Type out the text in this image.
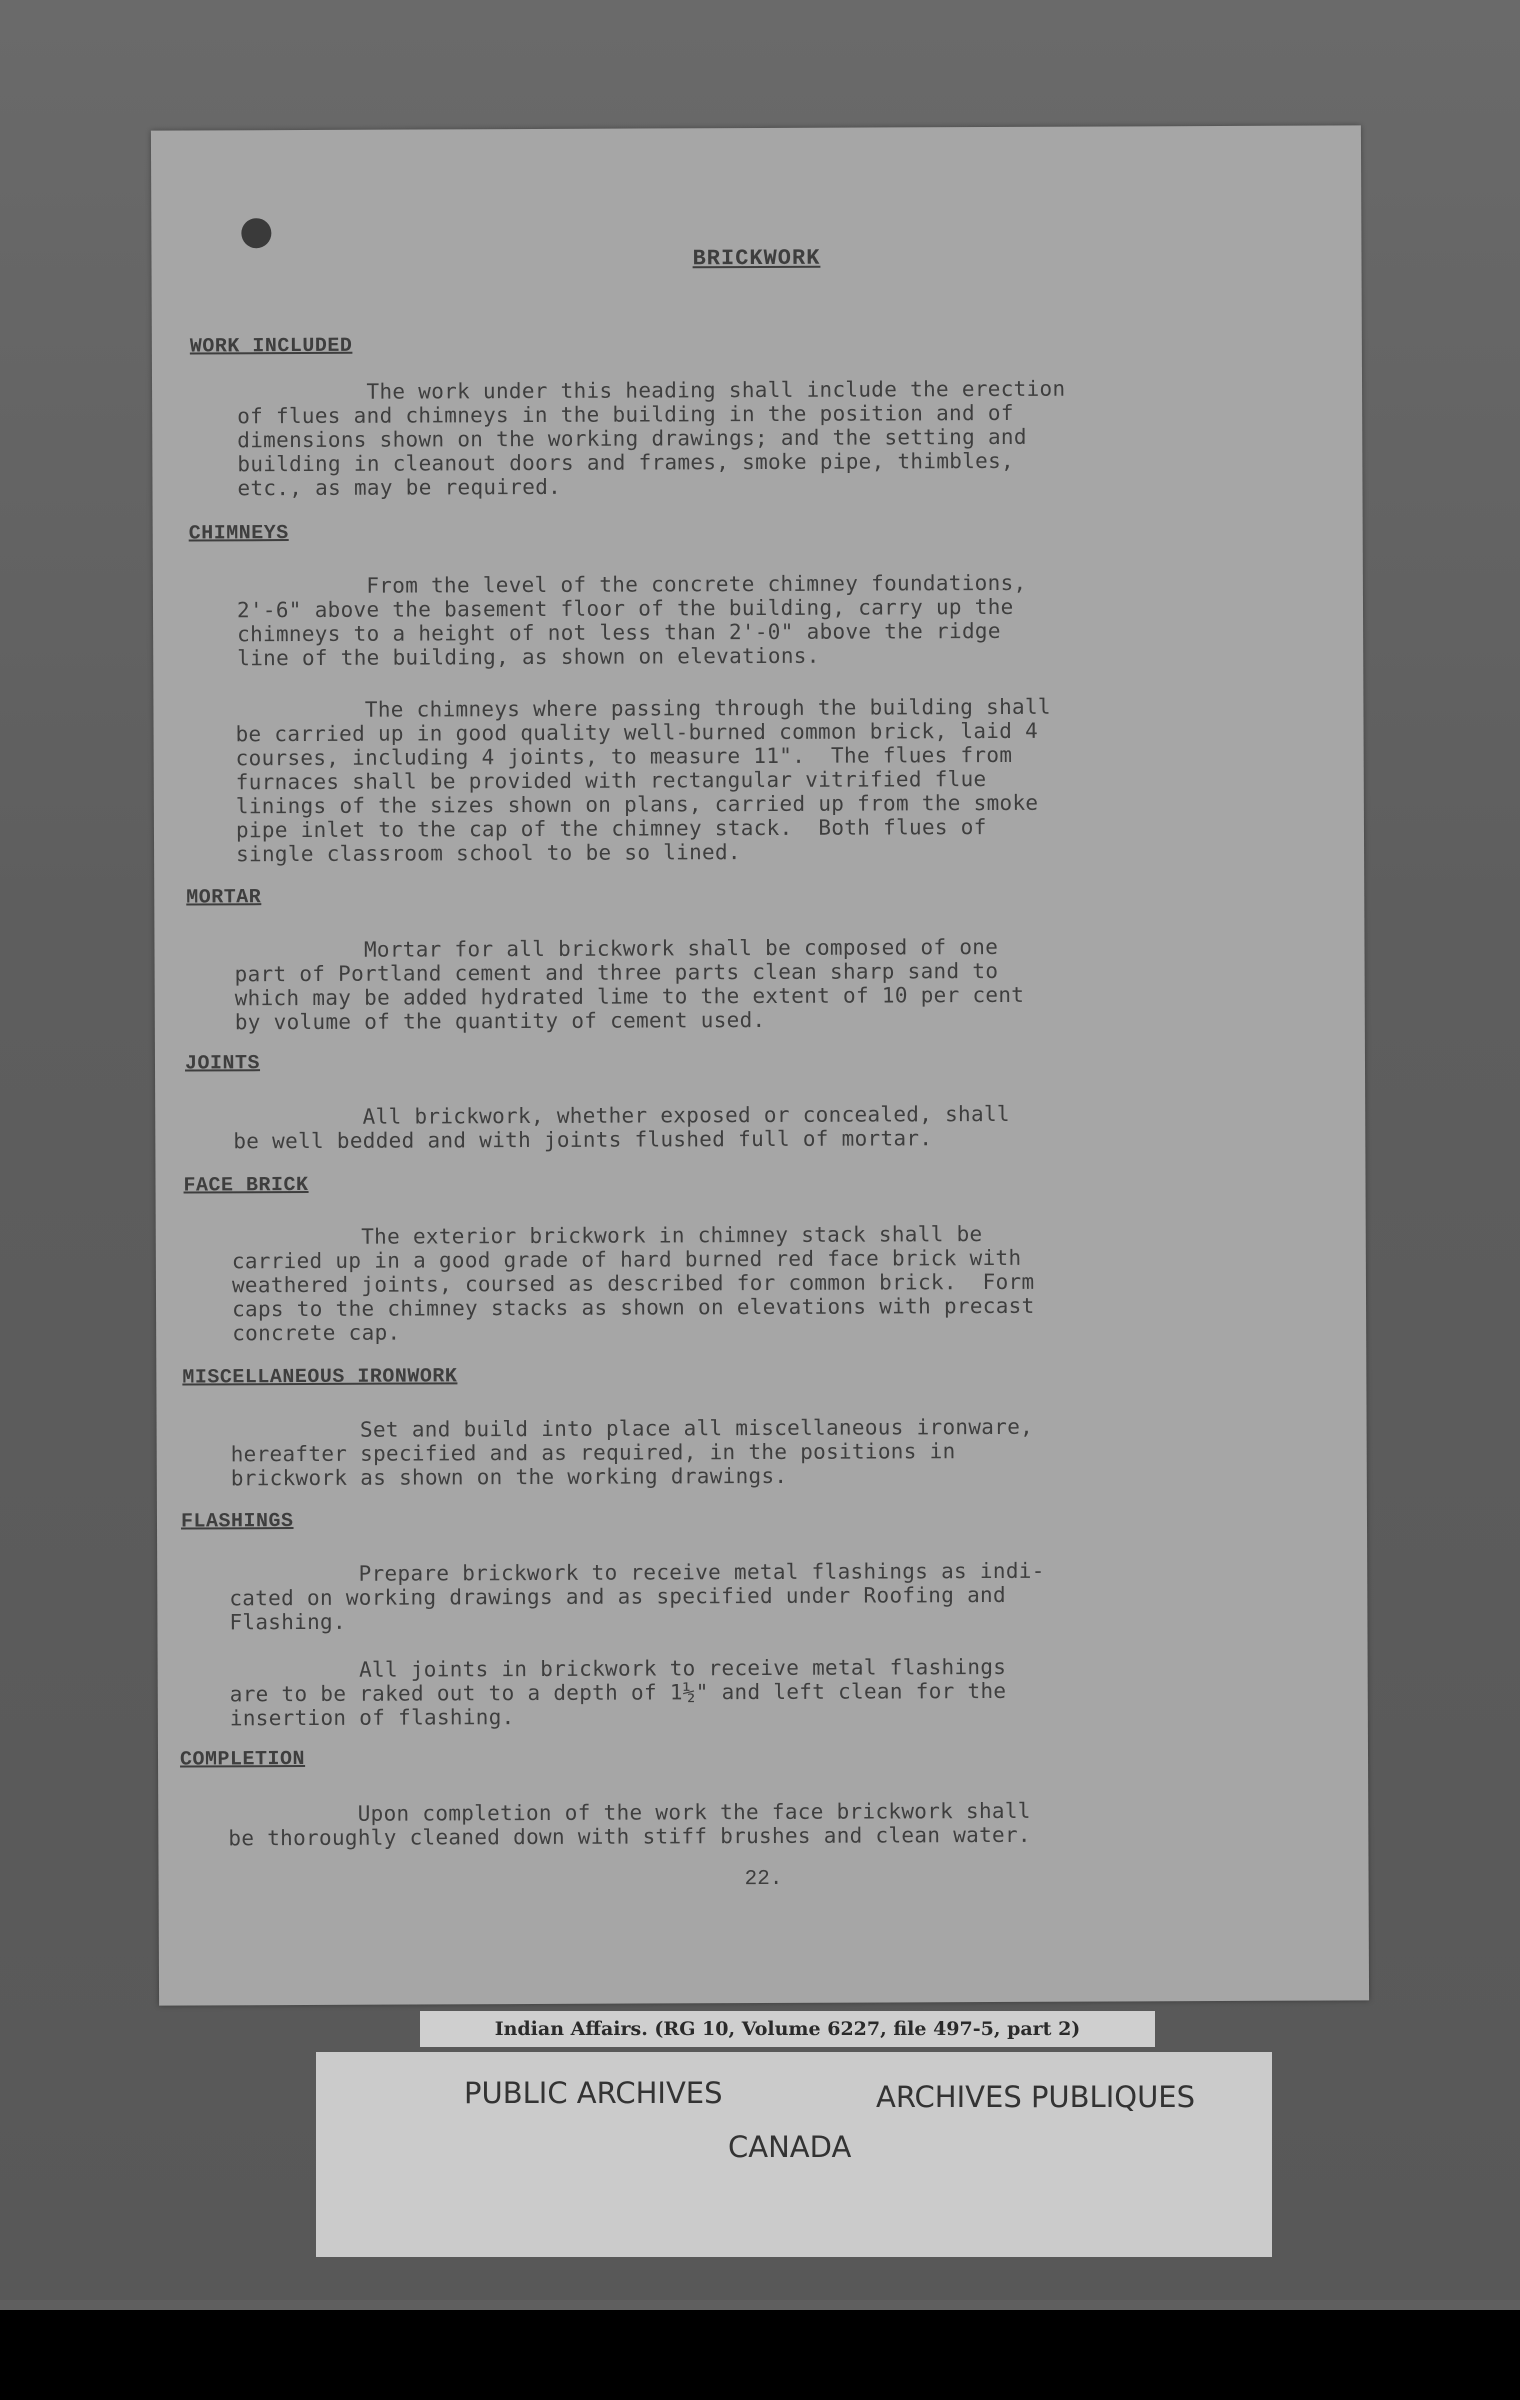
BRICKWORK
WORK INCLUDED
The work under this heading shall include the erection
of flues and chimneys in the building in the position and of
dimensions shown on the working drawings; and the setting and
building in cleanout doors and frames, smoke pipe, thimbles,
etc., as may be required.
CHIMNEYS
From the level of the concrete chimney foundations,
2'-6" above the basement floor of the building, carry up the
chimneys to a height of not less than 2'-0" above the ridge
line of the building, as shown on elevations.
The chimneys where passing through the building shall
be carried up in good quality well-burned common brick, laid 4
courses, including 4 joints, to measure 11".  The flues from
furnaces shall be provided with rectangular vitrified flue
linings of the sizes shown on plans, carried up from the smoke
pipe inlet to the cap of the chimney stack.  Both flues of
single classroom school to be so lined.
MORTAR
Mortar for all brickwork shall be composed of one
part of Portland cement and three parts clean sharp sand to
which may be added hydrated lime to the extent of 10 per cent
by volume of the quantity of cement used.
JOINTS
All brickwork, whether exposed or concealed, shall
be well bedded and with joints flushed full of mortar.
FACE BRICK
The exterior brickwork in chimney stack shall be
carried up in a good grade of hard burned red face brick with
weathered joints, coursed as described for common brick.  Form
caps to the chimney stacks as shown on elevations with precast
concrete cap.
MISCELLANEOUS IRONWORK
Set and build into place all miscellaneous ironware,
hereafter specified and as required, in the positions in
brickwork as shown on the working drawings.
FLASHINGS
Prepare brickwork to receive metal flashings as indi-
cated on working drawings and as specified under Roofing and
Flashing.
All joints in brickwork to receive metal flashings
are to be raked out to a depth of 1½" and left clean for the
insertion of flashing.
COMPLETION
Upon completion of the work the face brickwork shall
be thoroughly cleaned down with stiff brushes and clean water.
22.
Indian Affairs. (RG 10, Volume 6227, file 497-5, part 2)
PUBLIC ARCHIVES	ARCHIVES PUBLIQUES
CANADA
